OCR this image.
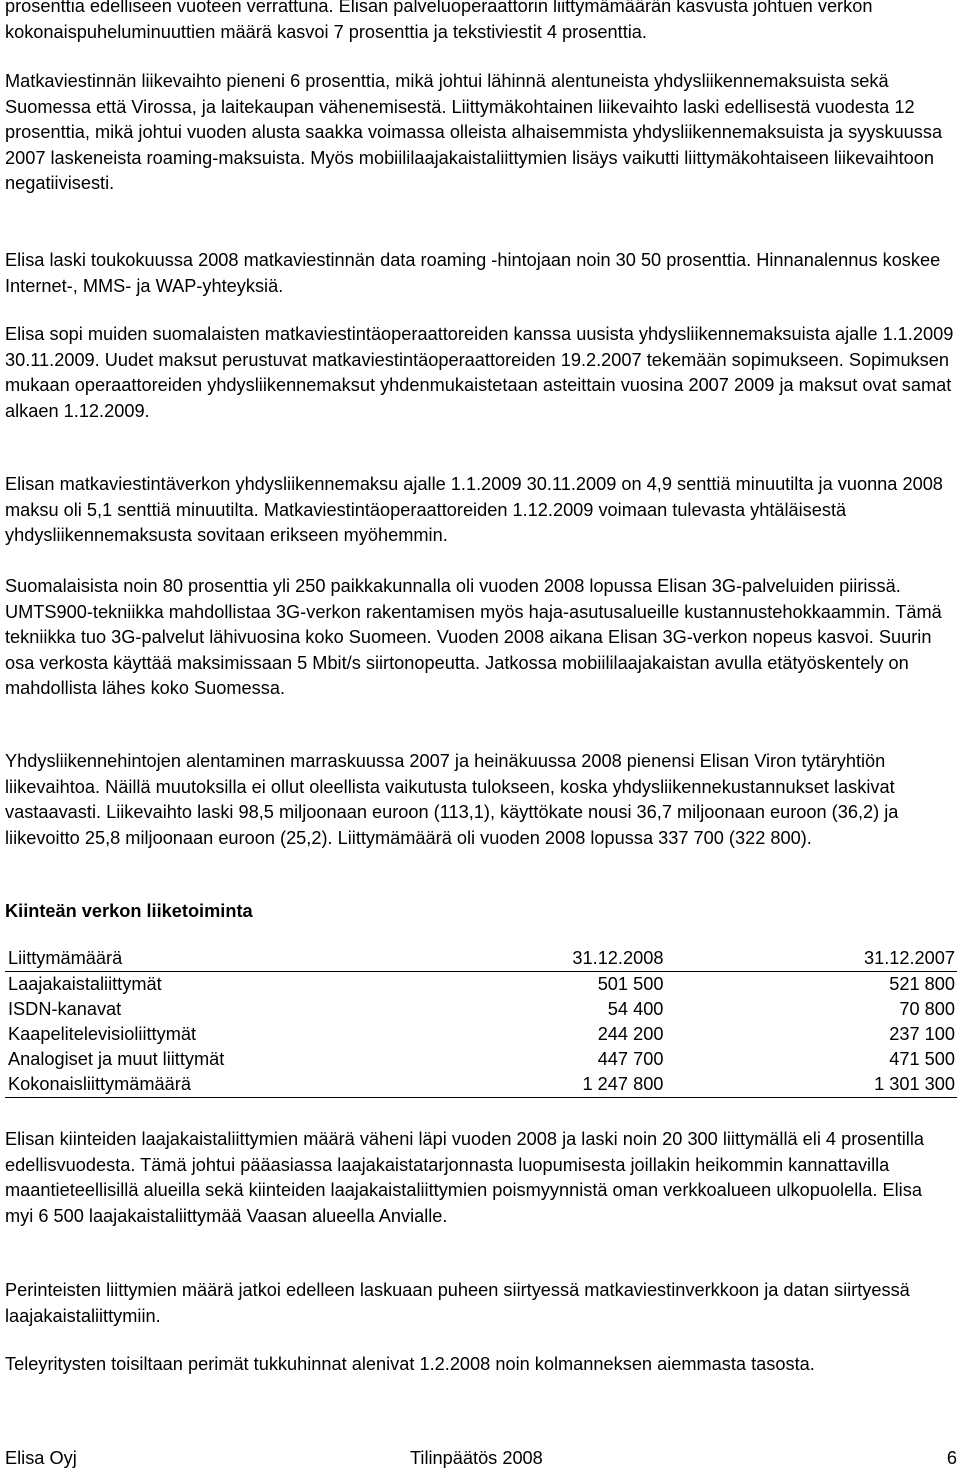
prosenttia edelliseen vuoteen verrattuna. Elisan palveluoperaattorin liittymämäärän kasvusta johtuen verkon kokonaispuheluminuuttien määrä kasvoi 7 prosenttia ja tekstiviestit 4 prosenttia.

Matkaviestinnän liikevaihto pieneni 6 prosenttia, mikä johtui lähinnä alentuneista yhdysliikennemaksuista sekä Suomessa että Virossa, ja laitekaupan vähenemisestä. Liittymäkohtainen liikevaihto laski edellisestä vuodesta 12 prosenttia, mikä johtui vuoden alusta saakka voimassa olleista alhaisemmista yhdysliikennemaksuista ja syyskuussa 2007 laskeneista roaming-maksuista. Myös mobiililaajakaistaliittymien lisäys vaikutti liittymäkohtaiseen liikevaihtoon negatiivisesti.

Elisa laski toukokuussa 2008 matkaviestinnän data roaming -hintojaan noin 30 50 prosenttia. Hinnanalennus koskee Internet-, MMS- ja WAP-yhteyksiä.

Elisa sopi muiden suomalaisten matkaviestintäoperaattoreiden kanssa uusista yhdysliikennemaksuista ajalle 1.1.2009 30.11.2009. Uudet maksut perustuvat matkaviestintäoperaattoreiden 19.2.2007 tekemään sopimukseen. Sopimuksen mukaan operaattoreiden yhdysliikennemaksut yhdenmukaistetaan asteittain vuosina 2007 2009 ja maksut ovat samat alkaen 1.12.2009.

Elisan matkaviestintäverkon yhdysliikennemaksu ajalle 1.1.2009 30.11.2009 on 4,9 senttiä minuutilta ja vuonna 2008 maksu oli 5,1 senttiä minuutilta. Matkaviestintäoperaattoreiden 1.12.2009 voimaan tulevasta yhtäläisestä yhdysliikennemaksusta sovitaan erikseen myöhemmin.

Suomalaisista noin 80 prosenttia yli 250 paikkakunnalla oli vuoden 2008 lopussa Elisan 3G-palveluiden piirissä. UMTS900-tekniikka mahdollistaa 3G-verkon rakentamisen myös haja-asutusalueille kustannustehokkaammin. Tämä tekniikka tuo 3G-palvelut lähivuosina koko Suomeen. Vuoden 2008 aikana Elisan 3G-verkon nopeus kasvoi. Suurin osa verkosta käyttää maksimissaan 5 Mbit/s siirtonopeutta. Jatkossa mobiililaajakaistan avulla etätyöskentely on mahdollista lähes koko Suomessa.

Yhdysliikennehintojen alentaminen marraskuussa 2007 ja heinäkuussa 2008 pienensi Elisan Viron tytäryhtiön liikevaihtoa. Näillä muutoksilla ei ollut oleellista vaikutusta tulokseen, koska yhdysliikennekustannukset laskivat vastaavasti. Liikevaihto laski 98,5 miljoonaan euroon (113,1), käyttökate nousi 36,7 miljoonaan euroon (36,2) ja liikevoitto 25,8 miljoonaan euroon (25,2). Liittymämäärä oli vuoden 2008 lopussa 337 700 (322 800).

Kiinteän verkon liiketoiminta
Liittymämäärä	31.12.2008	31.12.2007
Laajakaistaliittymät	501 500	521 800
ISDN-kanavat	54 400	70 800
Kaapelitelevisioliittymät	244 200	237 100
Analogiset ja muut liittymät	447 700	471 500
Kokonaisliittymämäärä	1 247 800	1 301 300

Elisan kiinteiden laajakaistaliittymien määrä väheni läpi vuoden 2008 ja laski noin 20 300 liittymällä eli 4 prosentilla edellisvuodesta. Tämä johtui pääasiassa laajakaistatarjonnasta luopumisesta joillakin heikommin kannattavilla maantieteellisillä alueilla sekä kiinteiden laajakaistaliittymien poismyynnistä oman verkkoalueen ulkopuolella. Elisa myi 6 500 laajakaistaliittymää Vaasan alueella Anvialle.

Perinteisten liittymien määrä jatkoi edelleen laskuaan puheen siirtyessä matkaviestinverkkoon ja datan siirtyessä laajakaistaliittymiin.

Teleyritysten toisiltaan perimät tukkuhinnat alenivat 1.2.2008 noin kolmanneksen aiemmasta tasosta.

Elisa Oyj	Tilinpäätös 2008	6
